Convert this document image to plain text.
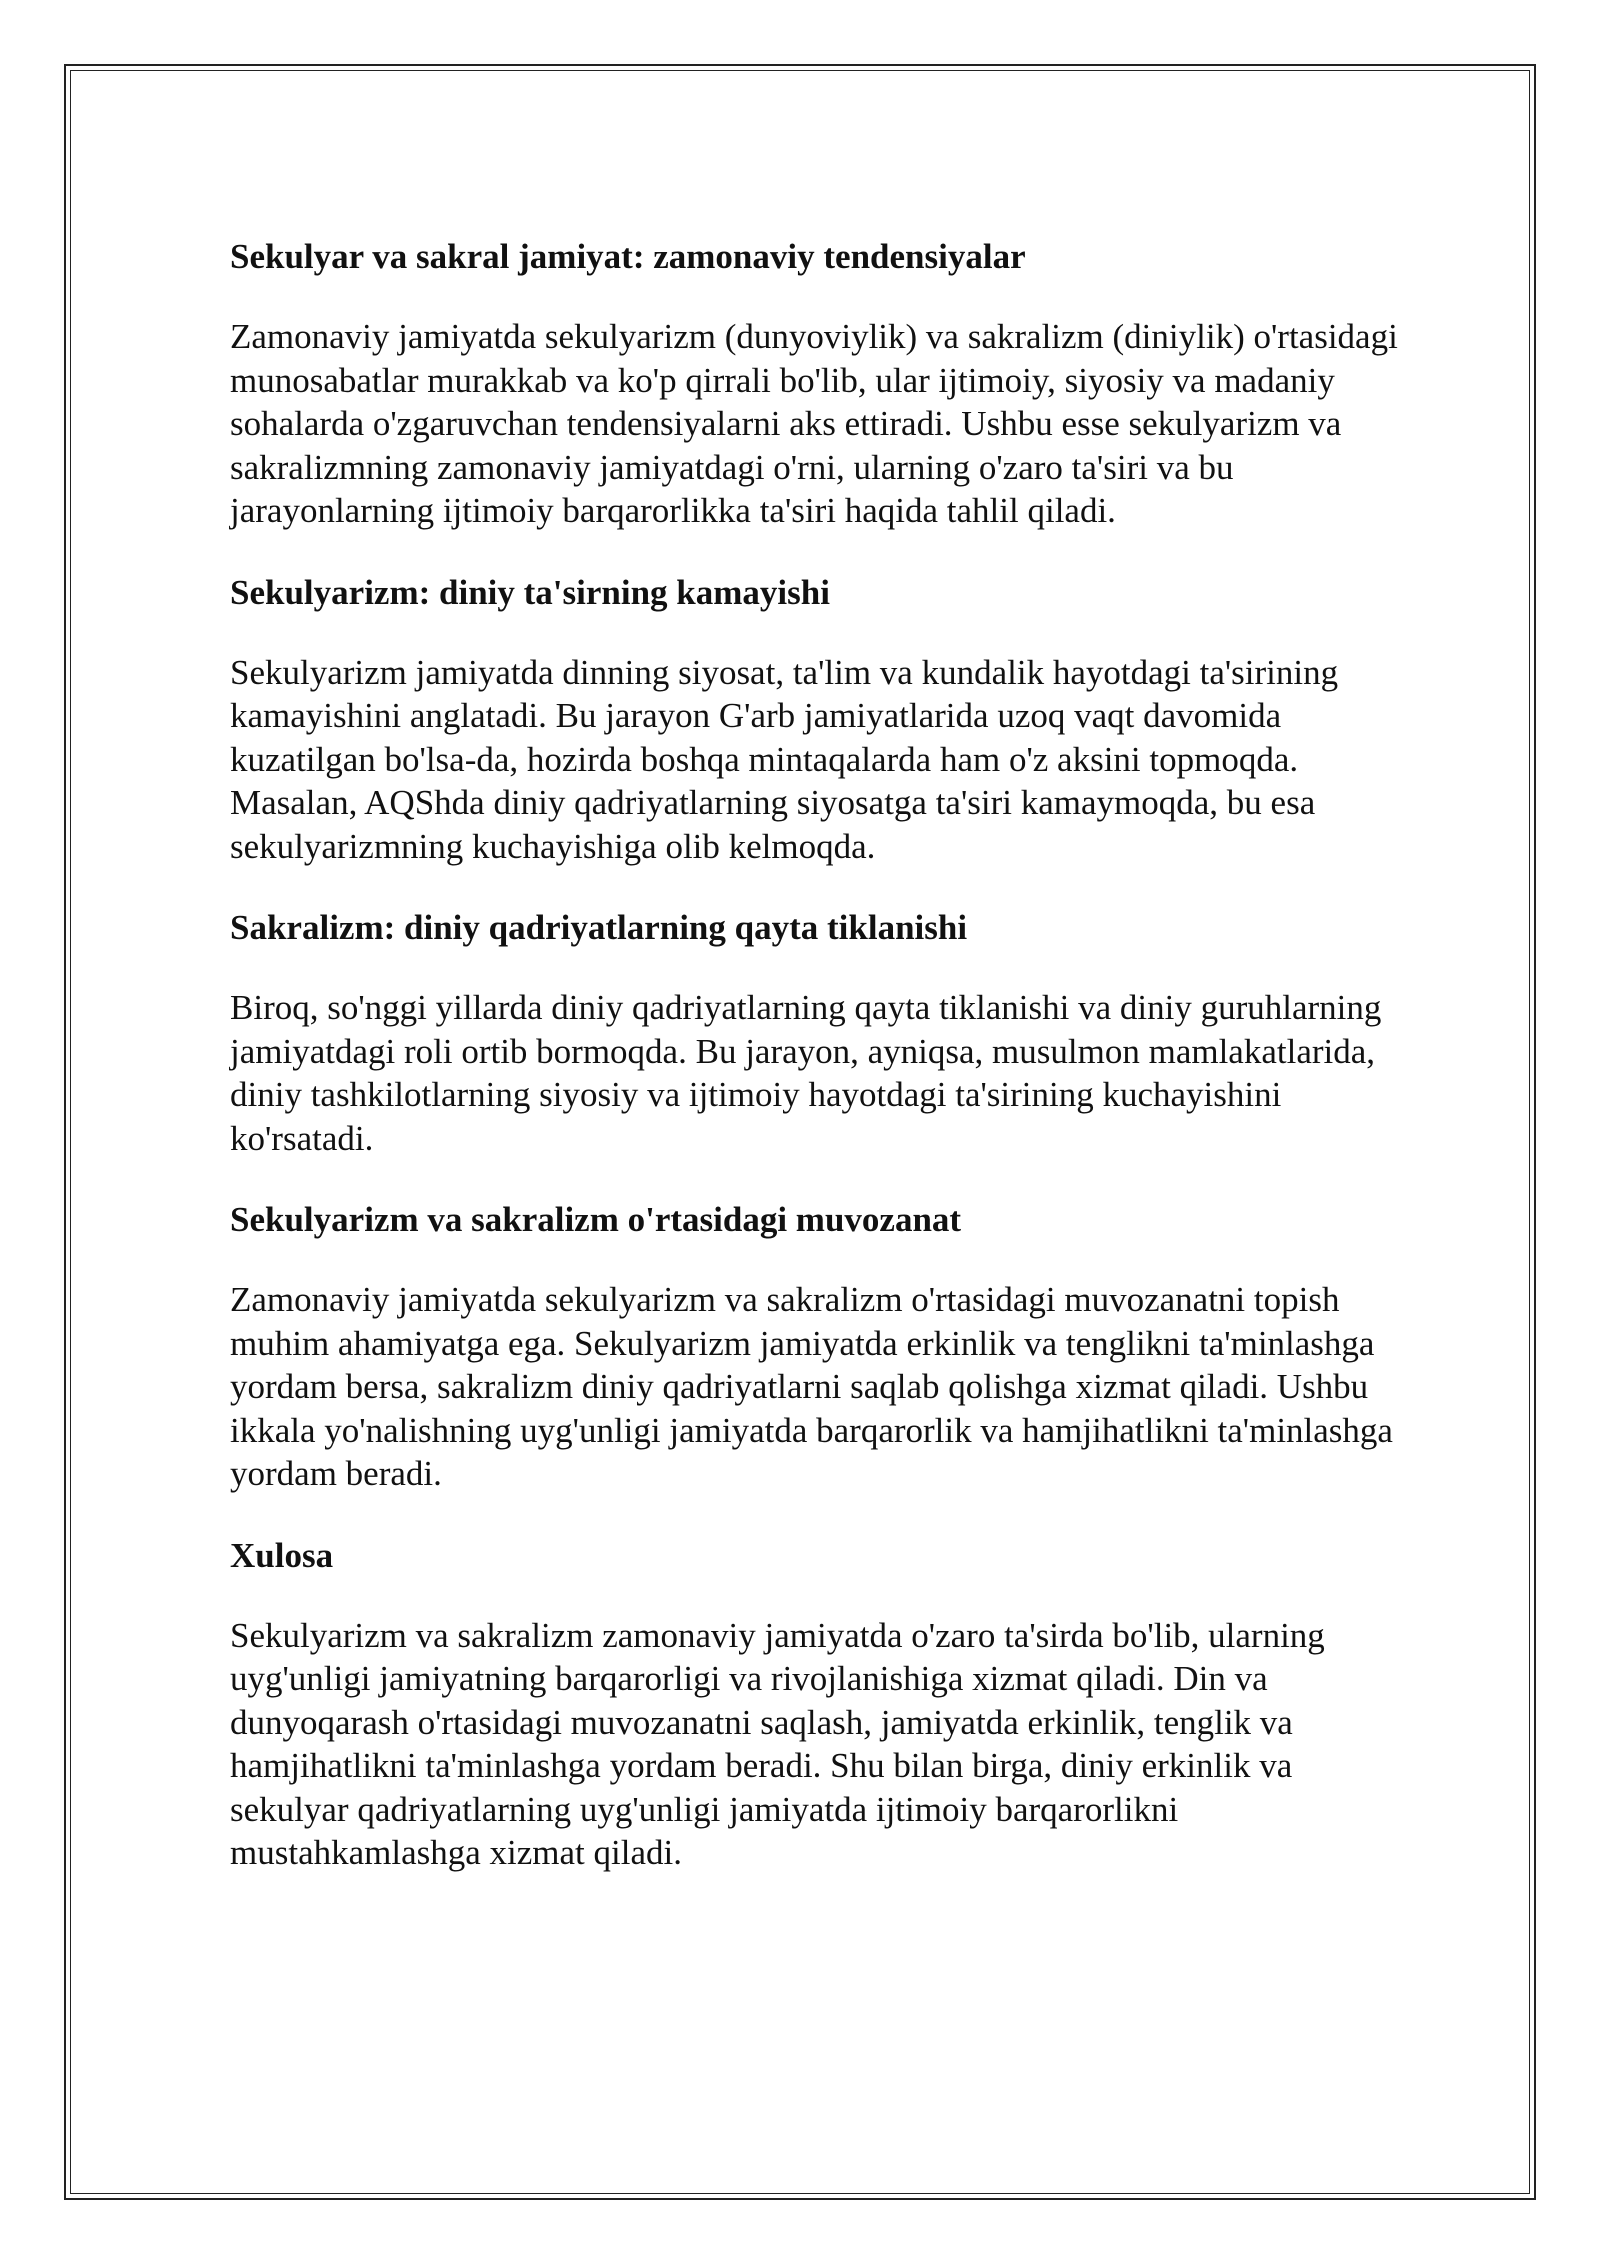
Sekulyar va sakral jamiyat: zamonaviy tendensiyalar

Zamonaviy jamiyatda sekulyarizm (dunyoviylik) va sakralizm (diniylik) o'rtasidagi
munosabatlar murakkab va ko'p qirrali bo'lib, ular ijtimoiy, siyosiy va madaniy
sohalarda o'zgaruvchan tendensiyalarni aks ettiradi. Ushbu esse sekulyarizm va
sakralizmning zamonaviy jamiyatdagi o'rni, ularning o'zaro ta'siri va bu
jarayonlarning ijtimoiy barqarorlikka ta'siri haqida tahlil qiladi.

Sekulyarizm: diniy ta'sirning kamayishi

Sekulyarizm jamiyatda dinning siyosat, ta'lim va kundalik hayotdagi ta'sirining
kamayishini anglatadi. Bu jarayon G'arb jamiyatlarida uzoq vaqt davomida
kuzatilgan bo'lsa-da, hozirda boshqa mintaqalarda ham o'z aksini topmoqda.
Masalan, AQShda diniy qadriyatlarning siyosatga ta'siri kamaymoqda, bu esa
sekulyarizmning kuchayishiga olib kelmoqda.

Sakralizm: diniy qadriyatlarning qayta tiklanishi

Biroq, so'nggi yillarda diniy qadriyatlarning qayta tiklanishi va diniy guruhlarning
jamiyatdagi roli ortib bormoqda. Bu jarayon, ayniqsa, musulmon mamlakatlarida,
diniy tashkilotlarning siyosiy va ijtimoiy hayotdagi ta'sirining kuchayishini
ko'rsatadi.

Sekulyarizm va sakralizm o'rtasidagi muvozanat

Zamonaviy jamiyatda sekulyarizm va sakralizm o'rtasidagi muvozanatni topish
muhim ahamiyatga ega. Sekulyarizm jamiyatda erkinlik va tenglikni ta'minlashga
yordam bersa, sakralizm diniy qadriyatlarni saqlab qolishga xizmat qiladi. Ushbu
ikkala yo'nalishning uyg'unligi jamiyatda barqarorlik va hamjihatlikni ta'minlashga
yordam beradi.

Xulosa

Sekulyarizm va sakralizm zamonaviy jamiyatda o'zaro ta'sirda bo'lib, ularning
uyg'unligi jamiyatning barqarorligi va rivojlanishiga xizmat qiladi. Din va
dunyoqarash o'rtasidagi muvozanatni saqlash, jamiyatda erkinlik, tenglik va
hamjihatlikni ta'minlashga yordam beradi. Shu bilan birga, diniy erkinlik va
sekulyar qadriyatlarning uyg'unligi jamiyatda ijtimoiy barqarorlikni
mustahkamlashga xizmat qiladi.
